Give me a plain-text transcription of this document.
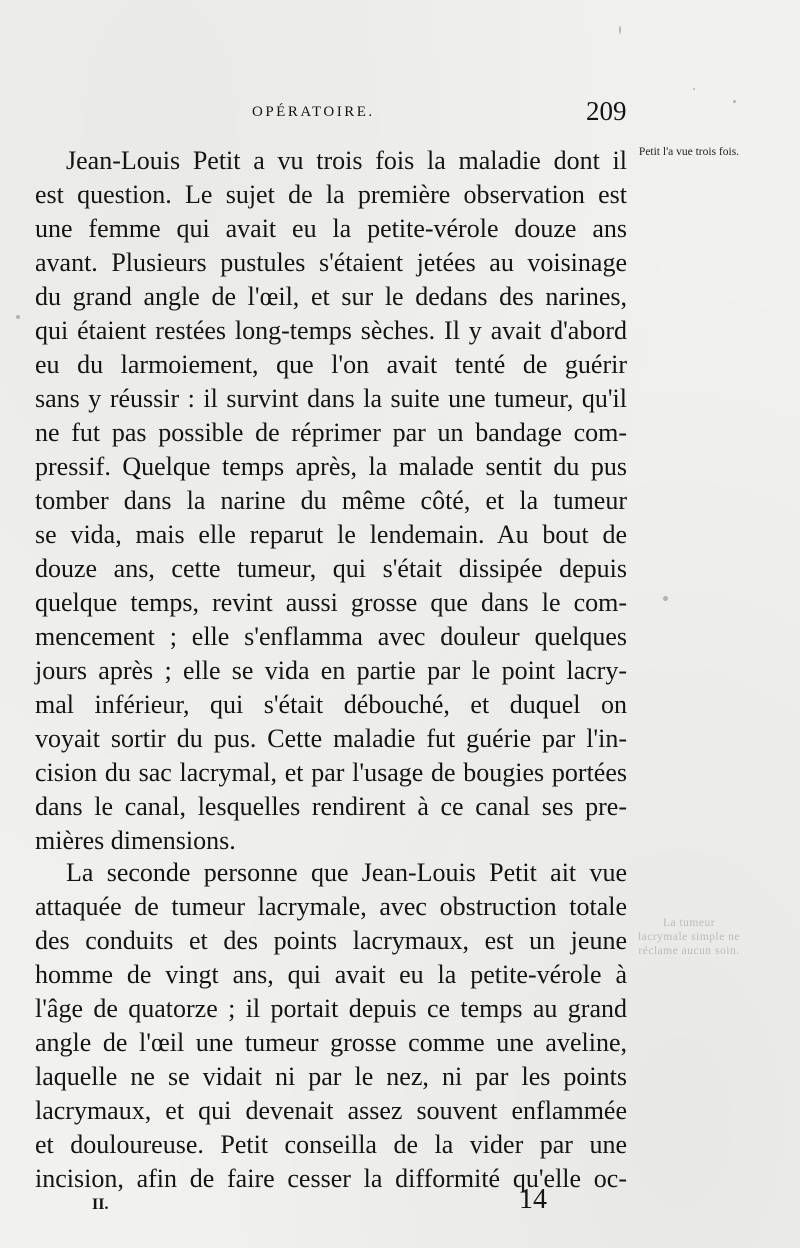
OPÉRATOIRE.	209
Petit l'a vue trois fois.
La tumeur lacrymale simple ne réclame aucun soin.
Jean-Louis Petit a vu trois fois la maladie dont il
est question. Le sujet de la première observation est
une femme qui avait eu la petite-vérole douze ans
avant. Plusieurs pustules s'étaient jetées au voisinage
du grand angle de l'œil, et sur le dedans des narines,
qui étaient restées long-temps sèches. Il y avait d'abord
eu du larmoiement, que l'on avait tenté de guérir
sans y réussir : il survint dans la suite une tumeur, qu'il
ne fut pas possible de réprimer par un bandage com-
pressif. Quelque temps après, la malade sentit du pus
tomber dans la narine du même côté, et la tumeur
se vida, mais elle reparut le lendemain. Au bout de
douze ans, cette tumeur, qui s'était dissipée depuis
quelque temps, revint aussi grosse que dans le com-
mencement ; elle s'enflamma avec douleur quelques
jours après ; elle se vida en partie par le point lacry-
mal inférieur, qui s'était débouché, et duquel on
voyait sortir du pus. Cette maladie fut guérie par l'in-
cision du sac lacrymal, et par l'usage de bougies portées
dans le canal, lesquelles rendirent à ce canal ses pre-
mières dimensions.
La seconde personne que Jean-Louis Petit ait vue
attaquée de tumeur lacrymale, avec obstruction totale
des conduits et des points lacrymaux, est un jeune
homme de vingt ans, qui avait eu la petite-vérole à
l'âge de quatorze ; il portait depuis ce temps au grand
angle de l'œil une tumeur grosse comme une aveline,
laquelle ne se vidait ni par le nez, ni par les points
lacrymaux, et qui devenait assez souvent enflammée
et douloureuse. Petit conseilla de la vider par une
incision, afin de faire cesser la difformité qu'elle oc-
II.	14
